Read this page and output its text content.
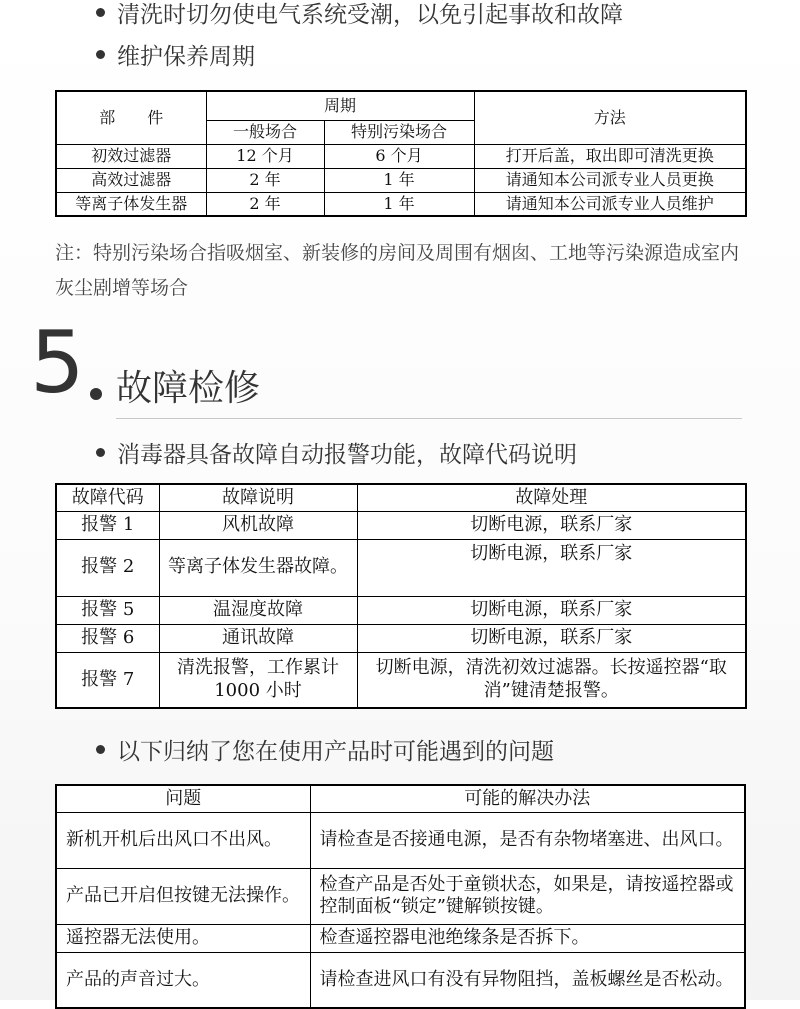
清洗时切勿使电气系统受潮，以免引起事故和故障
维护保养周期
部　　件	周期		方法
	一般场合	特别污染场合	
初效过滤器	12 个月	6 个月	打开后盖，取出即可清洗更换
高效过滤器	2 年	1 年	请通知本公司派专业人员更换
等离子体发生器	2 年	1 年	请通知本公司派专业人员维护
注：特别污染场合指吸烟室、新装修的房间及周围有烟囱、工地等污染源造成室内灰尘剧增等场合
5 故障检修
消毒器具备故障自动报警功能，故障代码说明
故障代码	故障说明	故障处理
报警 1	风机故障	切断电源，联系厂家
报警 2	等离子体发生器故障。	切断电源，联系厂家
报警 5	温湿度故障	切断电源，联系厂家
报警 6	通讯故障	切断电源，联系厂家
报警 7	清洗报警，工作累计 1000 小时	切断电源，清洗初效过滤器。长按遥控器“取消”键清楚报警。
以下归纳了您在使用产品时可能遇到的问题
问题	可能的解决办法
新机开机后出风口不出风。	请检查是否接通电源，是否有杂物堵塞进、出风口。
产品已开启但按键无法操作。	检查产品是否处于童锁状态，如果是，请按遥控器或控制面板“锁定”键解锁按键。
遥控器无法使用。	检查遥控器电池绝缘条是否拆下。
产品的声音过大。	请检查进风口有没有异物阻挡，盖板螺丝是否松动。
